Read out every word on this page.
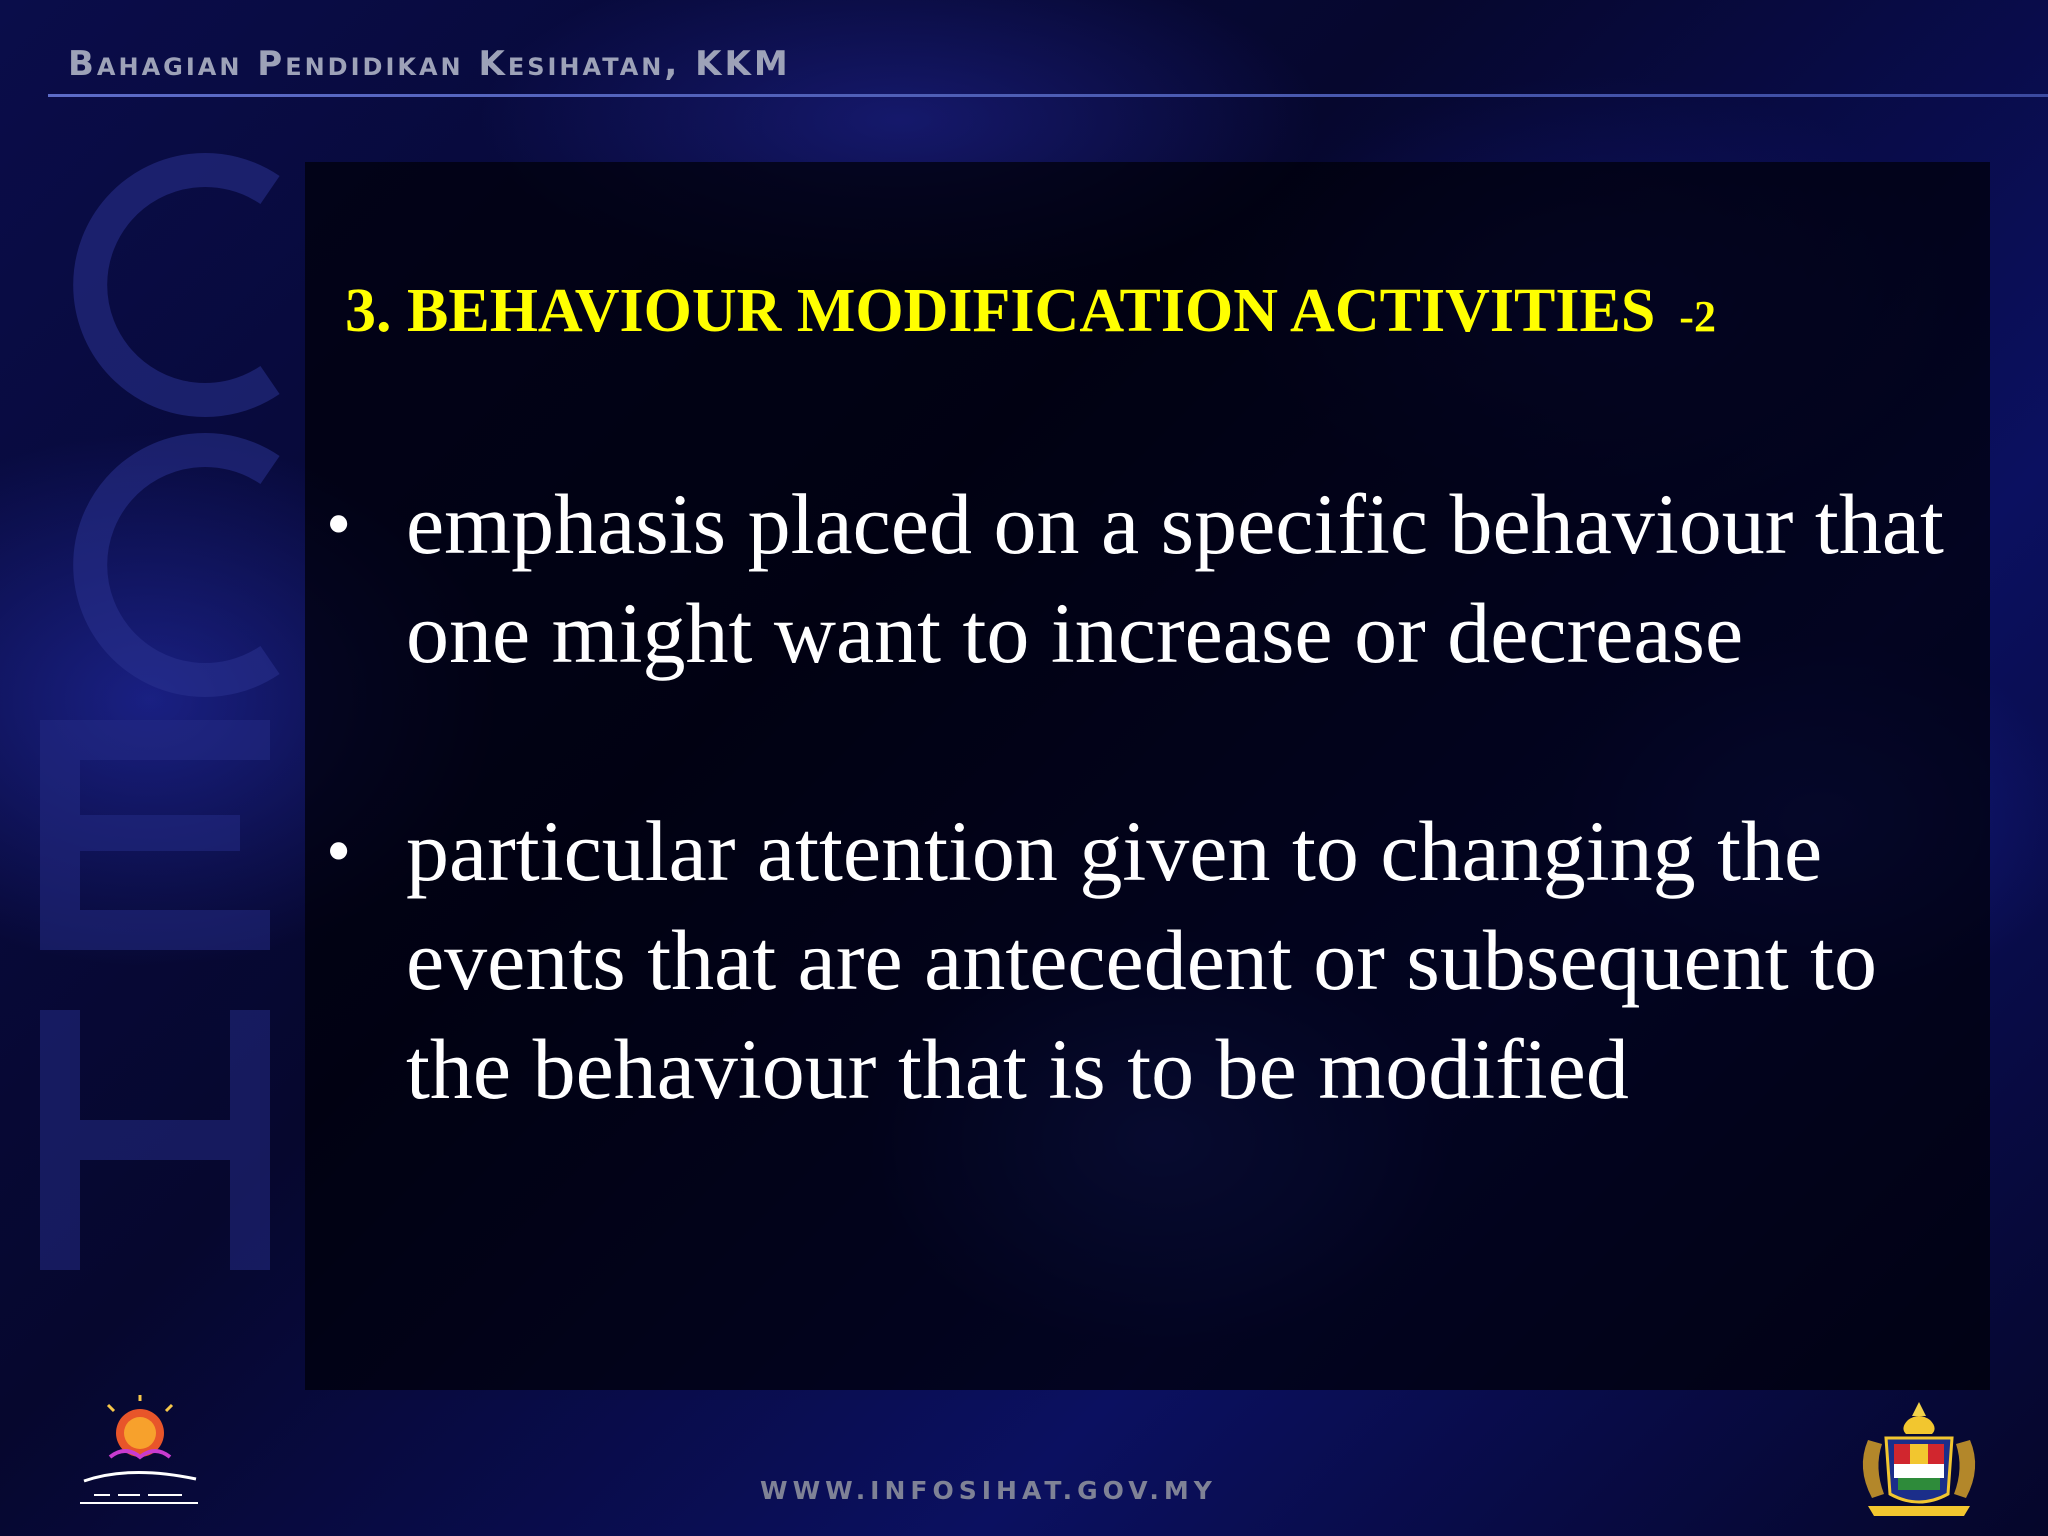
Bahagian Pendidikan Kesihatan, KKM
3. BEHAVIOUR MODIFICATION ACTIVITIES -2
• emphasis placed on a specific behaviour that one might want to increase or decrease
• particular attention given to changing the events that are antecedent or subsequent to the behaviour that is to be modified
WWW.INFOSIHAT.GOV.MY
